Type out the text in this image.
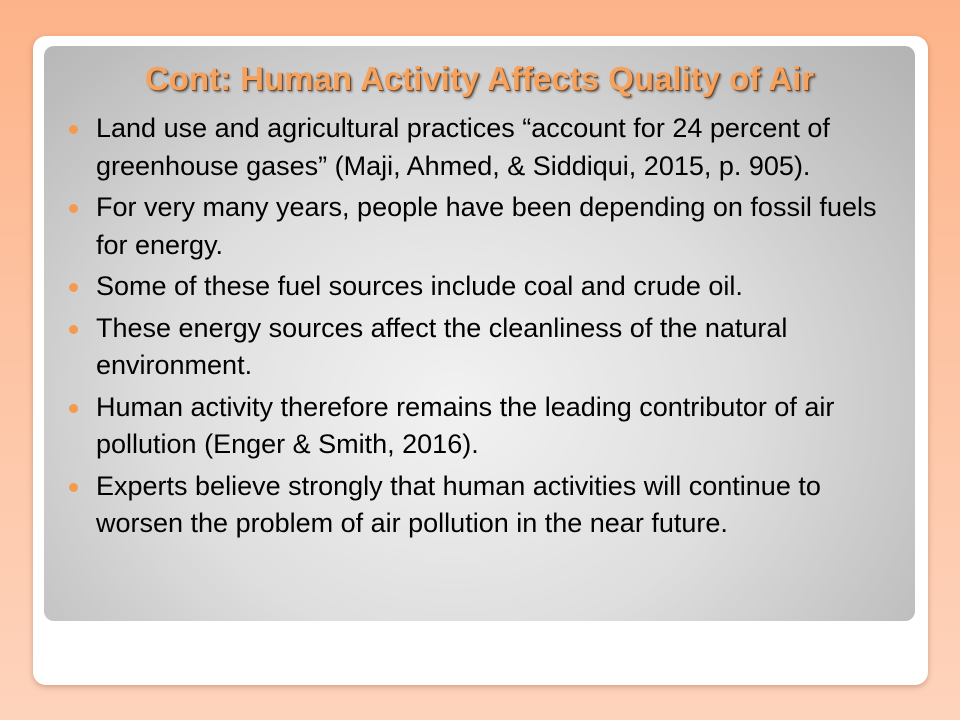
Cont: Human Activity Affects Quality of Air
Land use and agricultural practices “account for 24 percent of greenhouse gases” (Maji, Ahmed, & Siddiqui, 2015, p. 905).
For very many years, people have been depending on fossil fuels for energy.
Some of these fuel sources include coal and crude oil.
These energy sources affect the cleanliness of the natural environment.
Human activity therefore remains the leading contributor of air pollution (Enger & Smith, 2016).
Experts believe strongly that human activities will continue to worsen the problem of air pollution in the near future.
